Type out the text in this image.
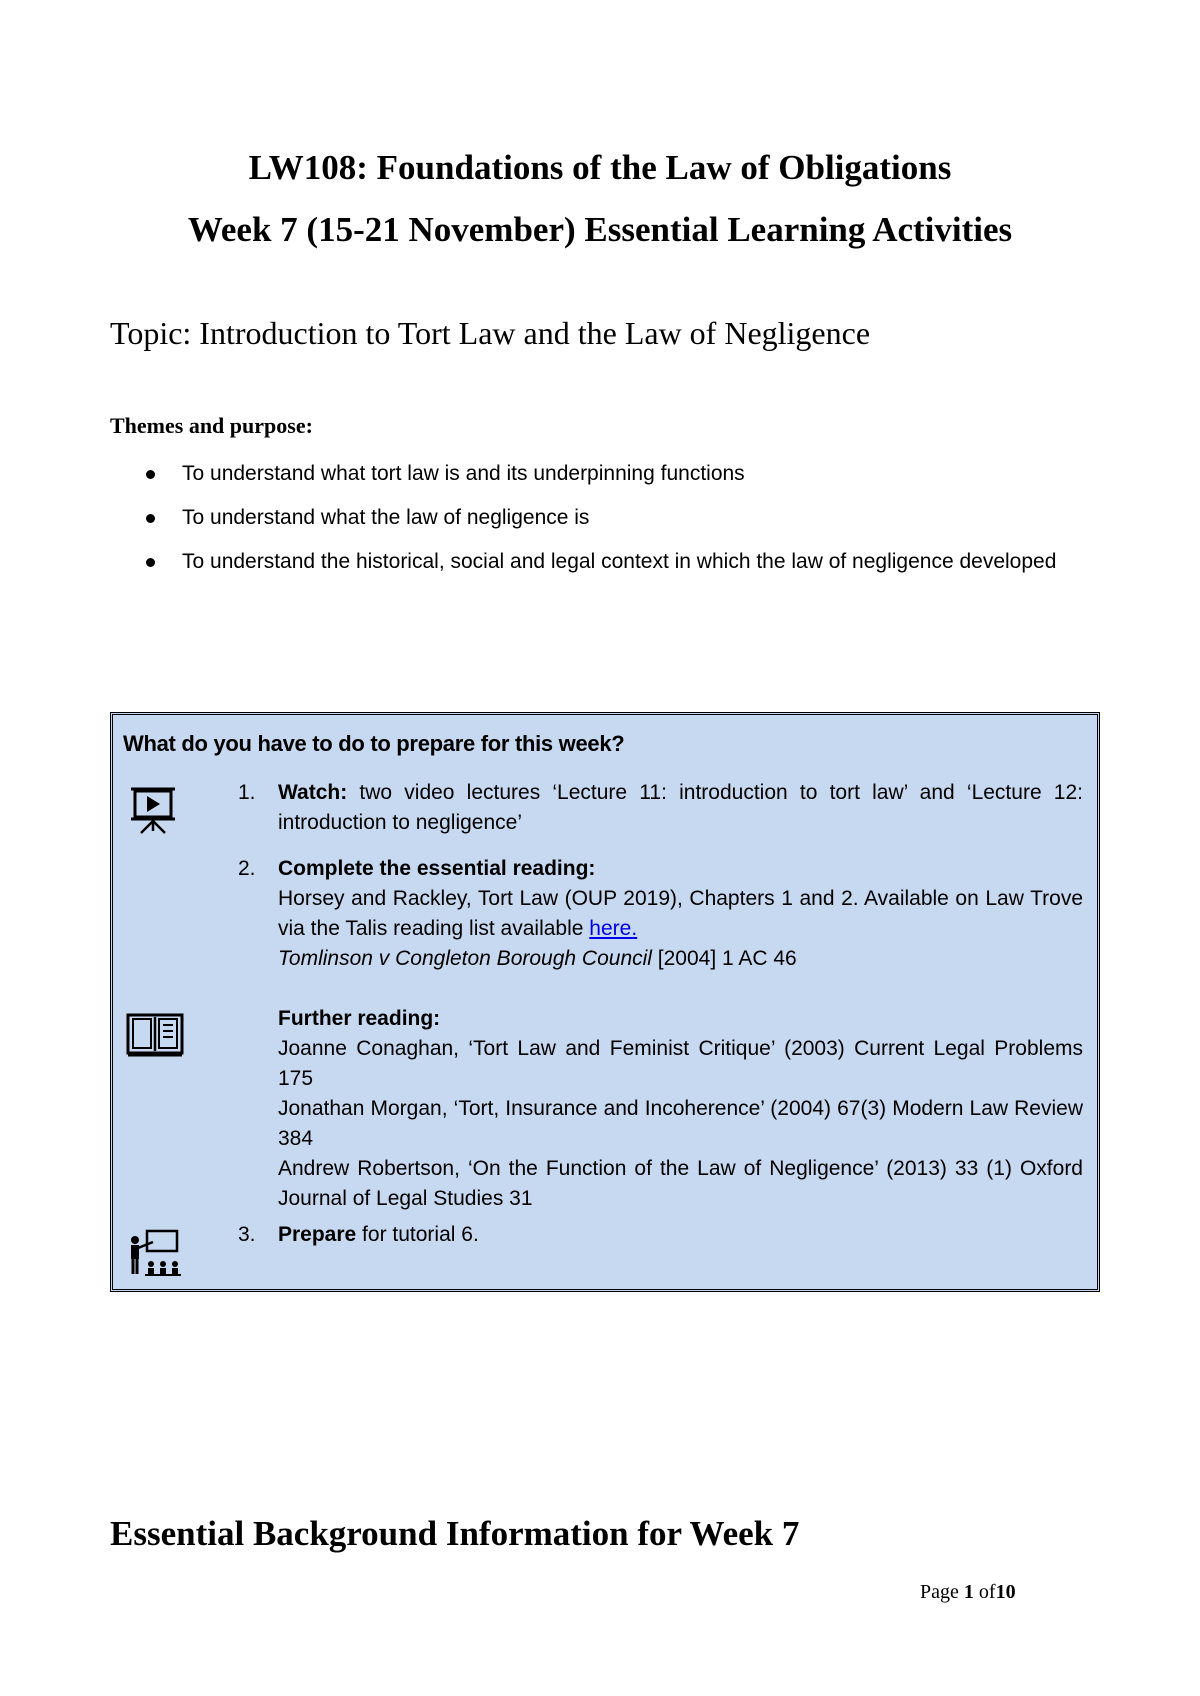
LW108: Foundations of the Law of Obligations
Week 7 (15-21 November) Essential Learning Activities
Topic: Introduction to Tort Law and the Law of Negligence
Themes and purpose:
To understand what tort law is and its underpinning functions
To understand what the law of negligence is
To understand the historical, social and legal context in which the law of negligence developed
What do you have to do to prepare for this week?
1.	Watch: two video lectures ‘Lecture 11: introduction to tort law’ and ‘Lecture 12: introduction to negligence’
2.	Complete the essential reading:

Horsey and Rackley, Tort Law (OUP 2019), Chapters 1 and 2. Available on Law Trove via the Talis reading list available here.

Tomlinson v Congleton Borough Council [2004] 1 AC 46

Further reading:

Joanne Conaghan, ‘Tort Law and Feminist Critique’ (2003) Current Legal Problems 175

Jonathan Morgan, ‘Tort, Insurance and Incoherence’ (2004) 67(3) Modern Law Review 384

Andrew Robertson, ‘On the Function of the Law of Negligence’ (2013) 33 (1) Oxford Journal of Legal Studies 31

3.	Prepare for tutorial 6.
Essential Background Information for Week 7
Page 1 of10
